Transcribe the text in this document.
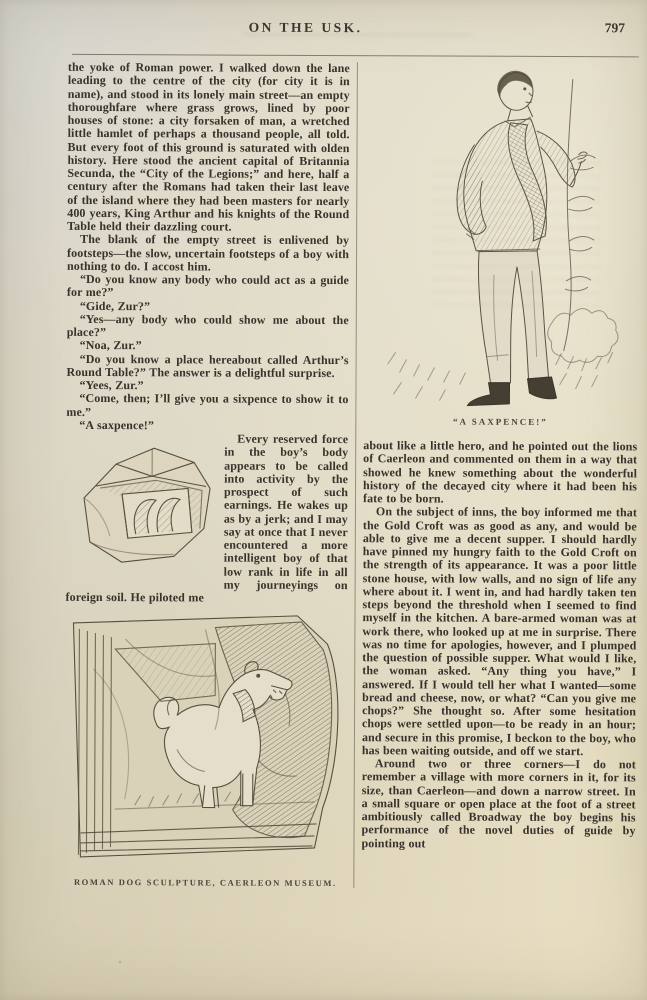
ON THE USK.	797

the yoke of Roman power. I walked down the lane leading to the centre of the city (for city it is in name), and stood in its lonely main street—an empty thoroughfare where grass grows, lined by poor houses of stone: a city forsaken of man, a wretched little hamlet of perhaps a thousand people, all told. But every foot of this ground is saturated with olden history. Here stood the ancient capital of Britannia Secunda, the “City of the Legions;” and here, half a century after the Romans had taken their last leave of the island where they had been masters for nearly 400 years, King Arthur and his knights of the Round Table held their dazzling court.

The blank of the empty street is enlivened by footsteps—the slow, uncertain footsteps of a boy with nothing to do. I accost him.

“Do you know any body who could act as a guide for me?”

“Gide, Zur?”

“Yes—any body who could show me about the place?”

“Noa, Zur.”

“Do you know a place hereabout called Arthur’s Round Table?” The answer is a delightful surprise.

“Yees, Zur.”

“Come, then; I’ll give you a sixpence to show it to me.”

“A saxpence!”

Every reserved force in the boy’s body appears to be called into activity by the prospect of such earnings. He wakes up as by a jerk; and I may say at once that I never encountered a more intelligent boy of that low rank in life in all my journeyings on foreign soil. He piloted me

ROMAN DOG SCULPTURE, CAERLEON MUSEUM.
“A SAXPENCE!”

about like a little hero, and he pointed out the lions of Caerleon and commented on them in a way that showed he knew something about the wonderful history of the decayed city where it had been his fate to be born.

On the subject of inns, the boy informed me that the Gold Croft was as good as any, and would be able to give me a decent supper. I should hardly have pinned my hungry faith to the Gold Croft on the strength of its appearance. It was a poor little stone house, with low walls, and no sign of life any where about it. I went in, and had hardly taken ten steps beyond the threshold when I seemed to find myself in the kitchen. A bare-armed woman was at work there, who looked up at me in surprise. There was no time for apologies, however, and I plumped the question of possible supper. What would I like, the woman asked. “Any thing you have,” I answered. If I would tell her what I wanted—some bread and cheese, now, or what? “Can you give me chops?” She thought so. After some hesitation chops were settled upon—to be ready in an hour; and secure in this promise, I beckon to the boy, who has been waiting outside, and off we start.

Around two or three corners—I do not remember a village with more corners in it, for its size, than Caerleon—and down a narrow street. In a small square or open place at the foot of a street ambitiously called Broadway the boy begins his performance of the novel duties of guide by pointing out
